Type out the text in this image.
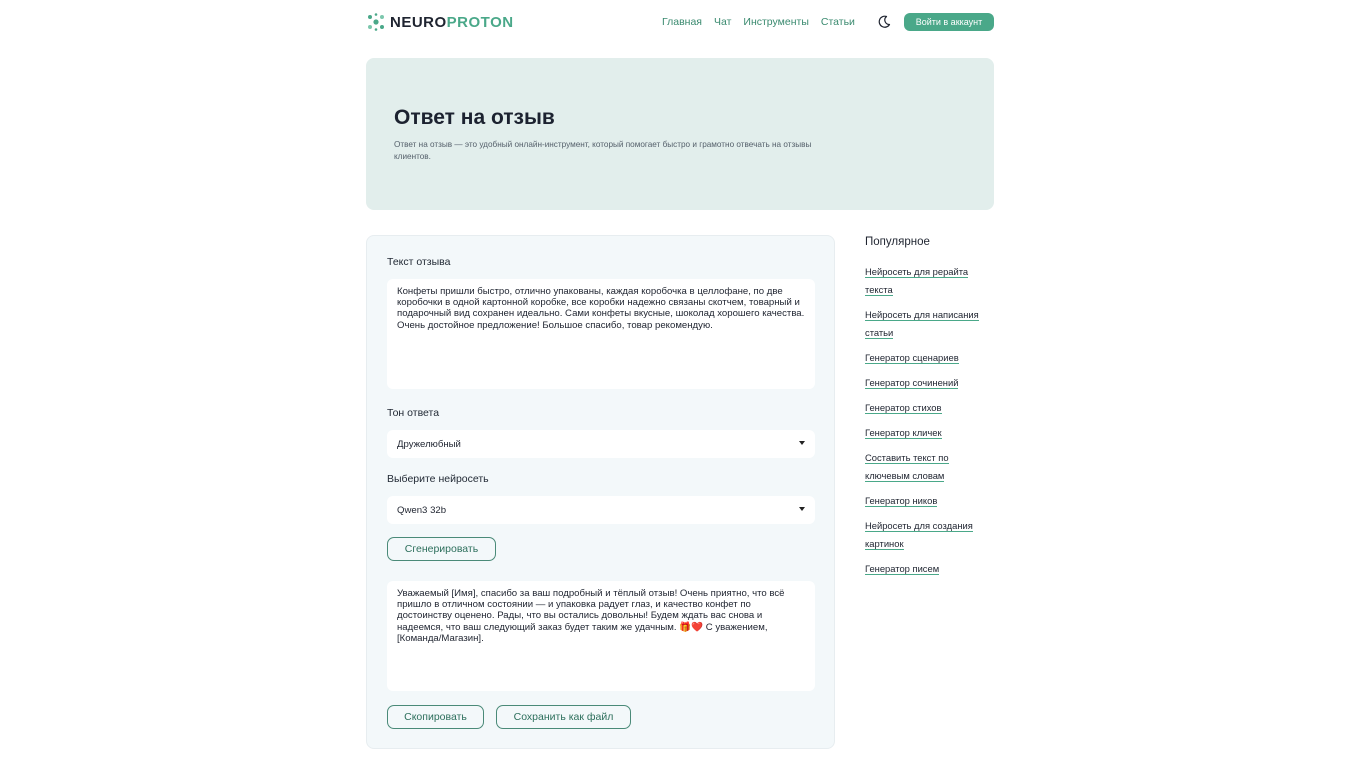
NEUROPROTON	Главная Чат Инструменты Статьи	Войти в аккаунт
Ответ на отзыв

Ответ на отзыв — это удобный онлайн-инструмент, который помогает быстро и грамотно отвечать на отзывы клиентов.

Текст отзыва
Конфеты пришли быстро, отлично упакованы, каждая коробочка в целлофане, по две коробочки в одной картонной коробке, все коробки надежно связаны скотчем, товарный и подарочный вид сохранен идеально. Сами конфеты вкусные, шоколад хорошего качества. Очень достойное предложение! Большое спасибо, товар рекомендую.
Тон ответа
Дружелюбный
Выберите нейросеть
Qwen3 32b
Сгенерировать
Уважаемый [Имя], спасибо за ваш подробный и тёплый отзыв! Очень приятно, что всё пришло в отличном состоянии — и упаковка радует глаз, и качество конфет по достоинству оценено. Рады, что вы остались довольны! Будем ждать вас снова и надеемся, что ваш следующий заказ будет таким же удачным. 🎁❤️ С уважением, [Команда/Магазин].
Скопировать	Сохранить как файл
Популярное
Нейросеть для рерайта текста
Нейросеть для написания статьи
Генератор сценариев
Генератор сочинений
Генератор стихов
Генератор кличек
Составить текст по ключевым словам
Генератор ников
Нейросеть для создания картинок
Генератор писем
